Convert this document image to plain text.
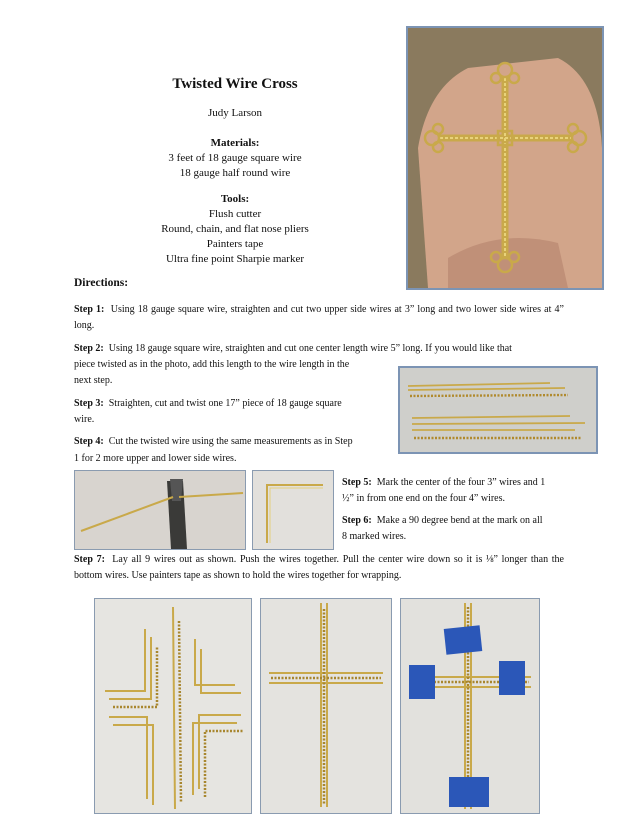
Twisted Wire Cross
Judy Larson
Materials:
3 feet of 18 gauge square wire
18 gauge half round wire
Tools:
Flush cutter
Round, chain, and flat nose pliers
Painters tape
Ultra fine point Sharpie marker
Directions:
Step 1: Using 18 gauge square wire, straighten and cut two upper side wires at 3” long and two lower side wires at 4” long.
Step 2: Using 18 gauge square wire, straighten and cut one center length wire 5” long. If you would like that
piece twisted as in the photo, add this length to the wire length in the
next step.
Step 3: Straighten, cut and twist one 17” piece of 18 gauge square
wire.
Step 4: Cut the twisted wire using the same measurements as in Step
1 for 2 more upper and lower side wires.
Step 5: Mark the center of the four 3” wires and 1
½” in from one end on the four 4” wires.
Step 6: Make a 90 degree bend at the mark on all
8 marked wires.
Step 7: Lay all 9 wires out as shown. Push the wires together. Pull the center wire down so it is ⅛” longer than the bottom wires. Use painters tape as shown to hold the wires together for wrapping.
